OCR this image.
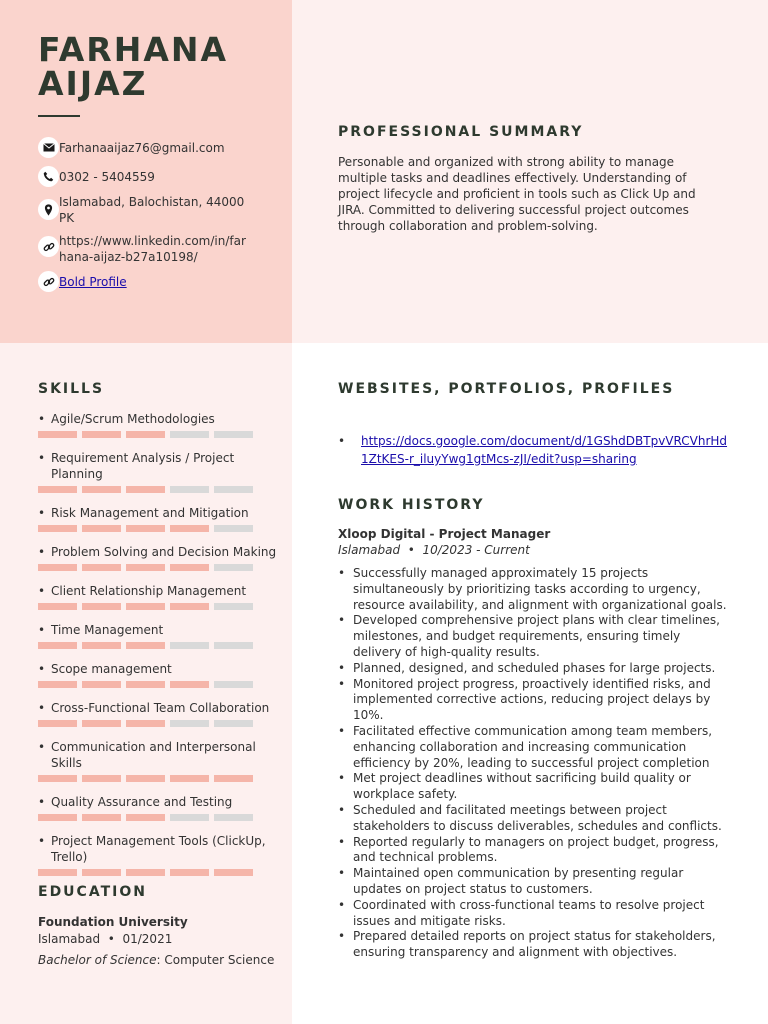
FARHANA
AIJAZ
Farhanaaijaz76@gmail.com
0302 - 5404559
Islamabad, Balochistan, 44000 PK
https://www.linkedin.com/in/farhana-aijaz-b27a10198/
Bold Profile
PROFESSIONAL SUMMARY

Personable and organized with strong ability to manage multiple tasks and deadlines effectively. Understanding of project lifecycle and proficient in tools such as Click Up and JIRA. Committed to delivering successful project outcomes through collaboration and problem-solving.

SKILLS
• Agile/Scrum Methodologies
• Requirement Analysis / Project Planning
• Risk Management and Mitigation
• Problem Solving and Decision Making
• Client Relationship Management
• Time Management
• Scope management
• Cross-Functional Team Collaboration
• Communication and Interpersonal Skills
• Quality Assurance and Testing
• Project Management Tools (ClickUp, Trello)
EDUCATION
Foundation University
Islamabad  •  01/2021
Bachelor of Science: Computer Science
WEBSITES, PORTFOLIOS, PROFILES
• https://docs.google.com/document/d/1GShdDBTpvVRCVhrHd1ZtKES-r_iluyYwg1gtMcs-zJI/edit?usp=sharing
WORK HISTORY
Xloop Digital - Project Manager
Islamabad  •  10/2023 - Current
• Successfully managed approximately 15 projects simultaneously by prioritizing tasks according to urgency, resource availability, and alignment with organizational goals.
• Developed comprehensive project plans with clear timelines, milestones, and budget requirements, ensuring timely delivery of high-quality results.
• Planned, designed, and scheduled phases for large projects.
• Monitored project progress, proactively identified risks, and implemented corrective actions, reducing project delays by 10%.
• Facilitated effective communication among team members, enhancing collaboration and increasing communication efficiency by 20%, leading to successful project completion
• Met project deadlines without sacrificing build quality or workplace safety.
• Scheduled and facilitated meetings between project stakeholders to discuss deliverables, schedules and conflicts.
• Reported regularly to managers on project budget, progress, and technical problems.
• Maintained open communication by presenting regular updates on project status to customers.
• Coordinated with cross-functional teams to resolve project issues and mitigate risks.
• Prepared detailed reports on project status for stakeholders, ensuring transparency and alignment with objectives.
